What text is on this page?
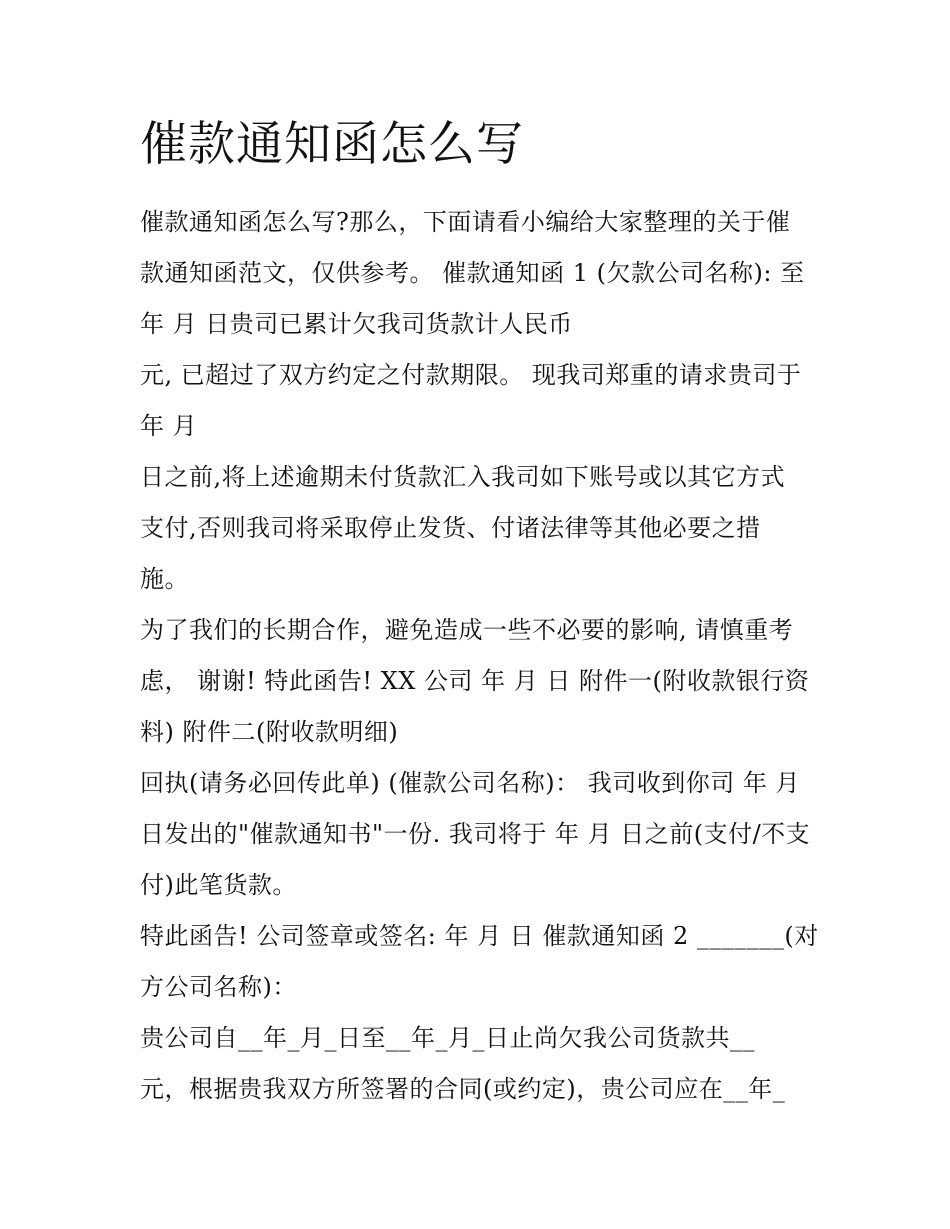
催款通知函怎么写
催款通知函怎么写?那么，下面请看小编给大家整理的关于催
款通知函范文，仅供参考。 催款通知函 1 (欠款公司名称): 至
年 月 日贵司已累计欠我司货款计人民币
元, 已超过了双方约定之付款期限。 现我司郑重的请求贵司于
年 月
日之前,将上述逾期未付货款汇入我司如下账号或以其它方式
支付,否则我司将采取停止发货、付诸法律等其他必要之措
施。
为了我们的长期合作，避免造成一些不必要的影响, 请慎重考
虑， 谢谢! 特此函告! XX 公司 年 月 日 附件一(附收款银行资
料) 附件二(附收款明细)
回执(请务必回传此单) (催款公司名称)： 我司收到你司 年 月
日发出的"催款通知书"一份. 我司将于 年 月 日之前(支付/不支
付)此笔货款。
特此函告! 公司签章或签名: 年 月 日 催款通知函 2 _______(对
方公司名称)：
贵公司自__年_月_日至__年_月_日止尚欠我公司货款共__
元，根据贵我双方所签署的合同(或约定)，贵公司应在__年_
